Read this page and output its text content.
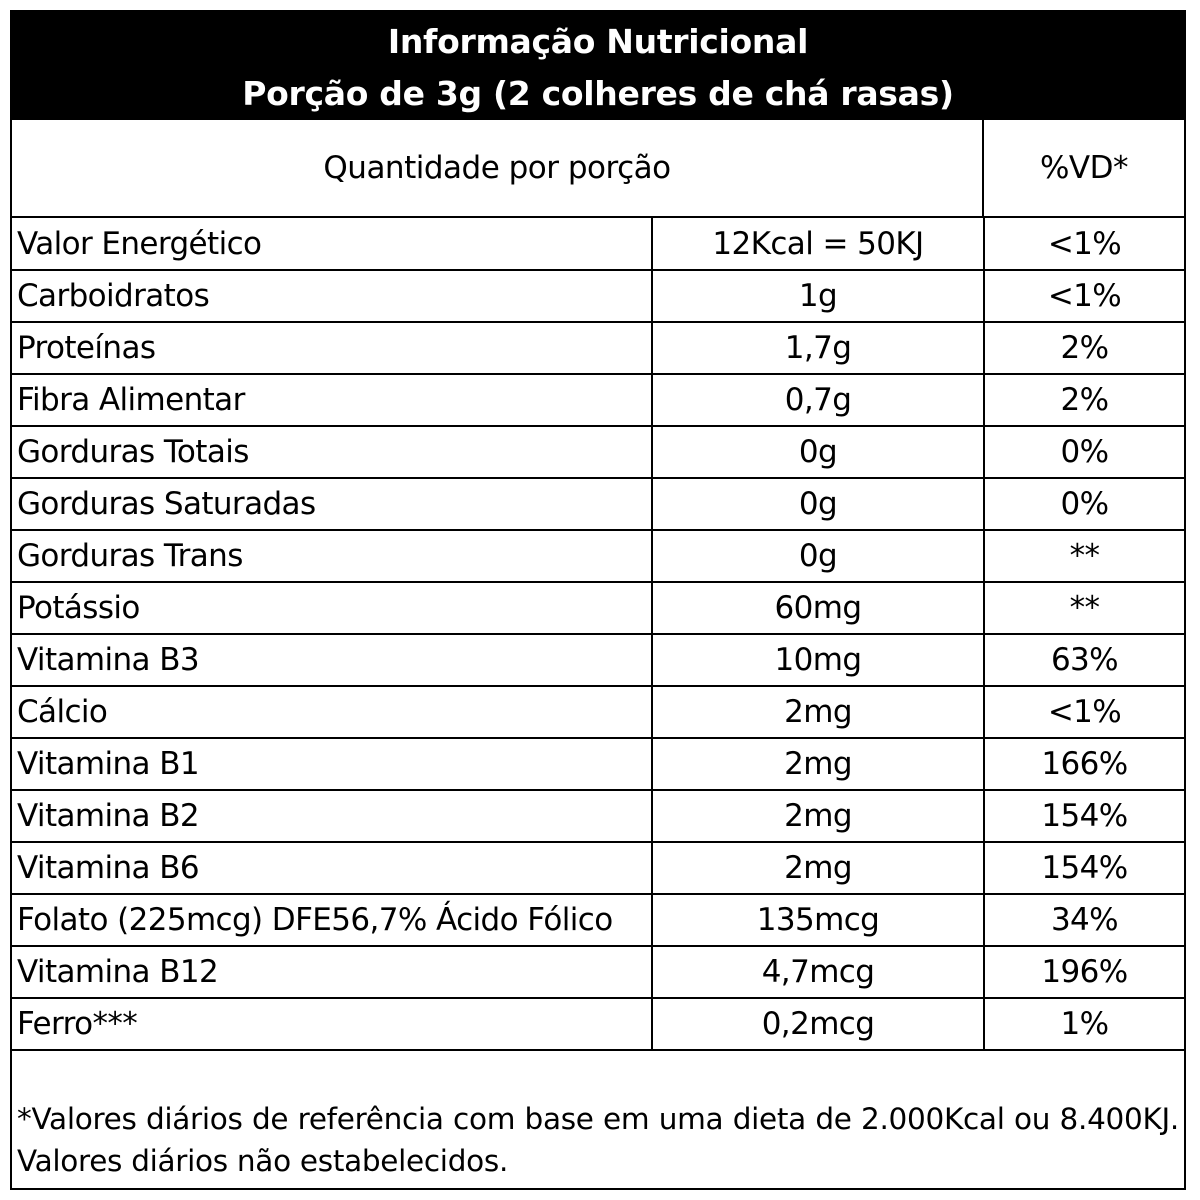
Informação Nutricional
Porção de 3g (2 colheres de chá rasas)
Quantidade por porção	%VD*
Valor Energético	12Kcal = 50KJ	<1%
Carboidratos	1g	<1%
Proteínas	1,7g	2%
Fibra Alimentar	0,7g	2%
Gorduras Totais	0g	0%
Gorduras Saturadas	0g	0%
Gorduras Trans	0g	**
Potássio	60mg	**
Vitamina B3	10mg	63%
Cálcio	2mg	<1%
Vitamina B1	2mg	166%
Vitamina B2	2mg	154%
Vitamina B6	2mg	154%
Folato (225mcg) DFE56,7% Ácido Fólico	135mcg	34%
Vitamina B12	4,7mcg	196%
Ferro***	0,2mcg	1%
*Valores diários de referência com base em uma dieta de 2.000Kcal ou 8.400KJ. Valores diários não estabelecidos.
